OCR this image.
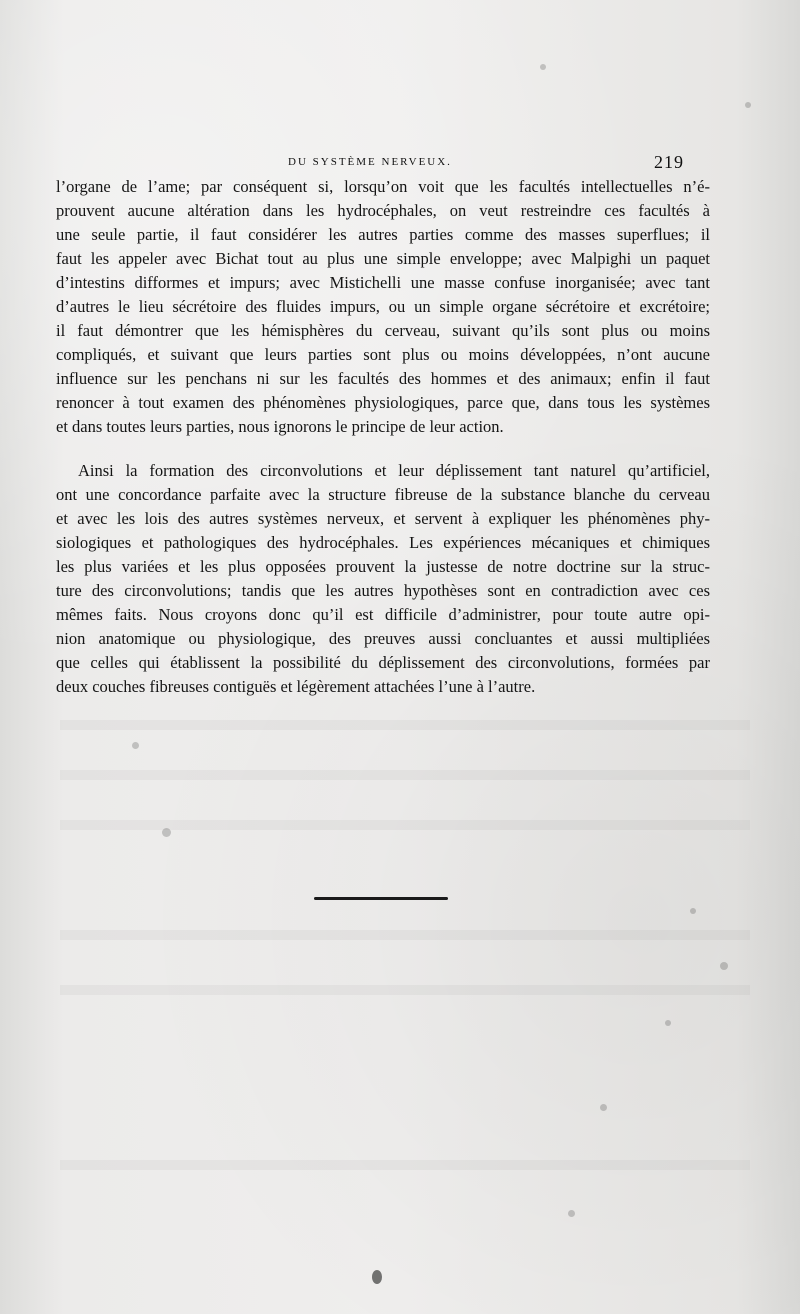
DU SYSTÈME NERVEUX.	219
l’organe de l’ame; par conséquent si, lorsqu’on voit que les facultés intellectuelles n’é-
prouvent aucune altération dans les hydrocéphales, on veut restreindre ces facultés à
une seule partie, il faut considérer les autres parties comme des masses superflues; il
faut les appeler avec Bichat tout au plus une simple enveloppe; avec Malpighi un paquet
d’intestins difformes et impurs; avec Mistichelli une masse confuse inorganisée; avec tant
d’autres le lieu sécrétoire des fluides impurs, ou un simple organe sécrétoire et excrétoire;
il faut démontrer que les hémisphères du cerveau, suivant qu’ils sont plus ou moins
compliqués, et suivant que leurs parties sont plus ou moins développées, n’ont aucune
influence sur les penchans ni sur les facultés des hommes et des animaux; enfin il faut
renoncer à tout examen des phénomènes physiologiques, parce que, dans tous les systèmes
et dans toutes leurs parties, nous ignorons le principe de leur action.
Ainsi la formation des circonvolutions et leur déplissement tant naturel qu’artificiel,
ont une concordance parfaite avec la structure fibreuse de la substance blanche du cerveau
et avec les lois des autres systèmes nerveux, et servent à expliquer les phénomènes phy-
siologiques et pathologiques des hydrocéphales. Les expériences mécaniques et chimiques
les plus variées et les plus opposées prouvent la justesse de notre doctrine sur la struc-
ture des circonvolutions; tandis que les autres hypothèses sont en contradiction avec ces
mêmes faits. Nous croyons donc qu’il est difficile d’administrer, pour toute autre opi-
nion anatomique ou physiologique, des preuves aussi concluantes et aussi multipliées
que celles qui établissent la possibilité du déplissement des circonvolutions, formées par
deux couches fibreuses contiguës et légèrement attachées l’une à l’autre.
